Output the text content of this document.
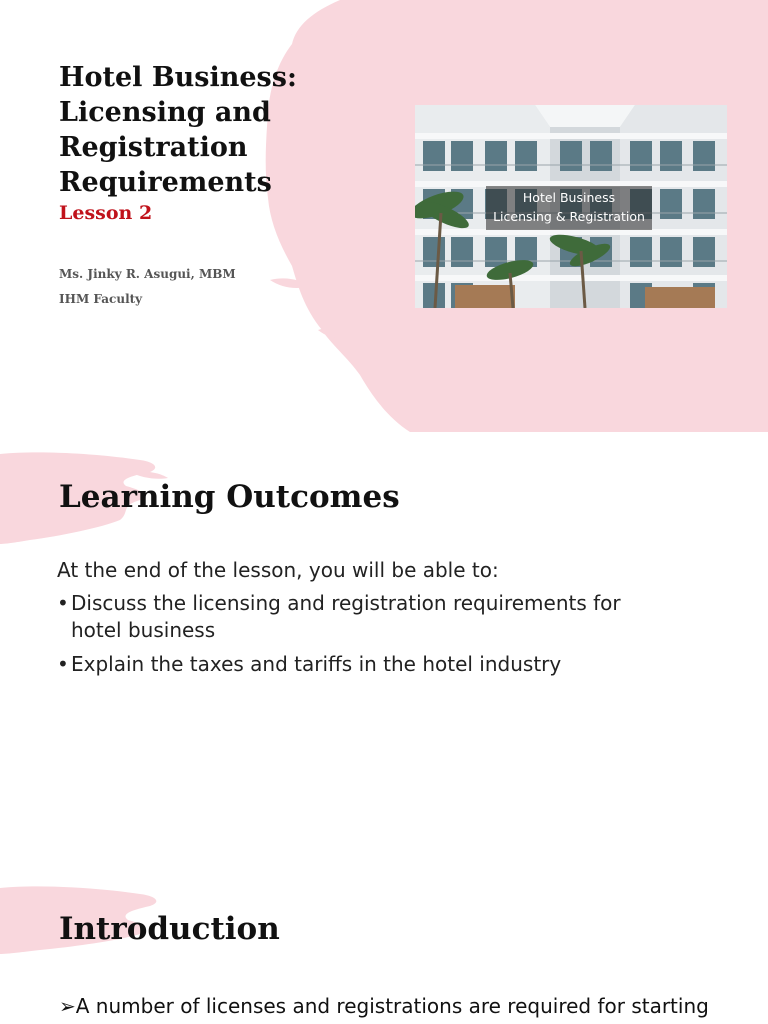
Hotel Business:
Licensing and
Registration
Requirements

Lesson 2

Ms. Jinky R. Asugui, MBM
IHM Faculty
Hotel Business
Licensing & Registration
Learning Outcomes
At the end of the lesson, you will be able to:
• Discuss the licensing and registration requirements for
hotel business
• Explain the taxes and tariffs in the hotel industry
Introduction
➢A number of licenses and registrations are required for starting
